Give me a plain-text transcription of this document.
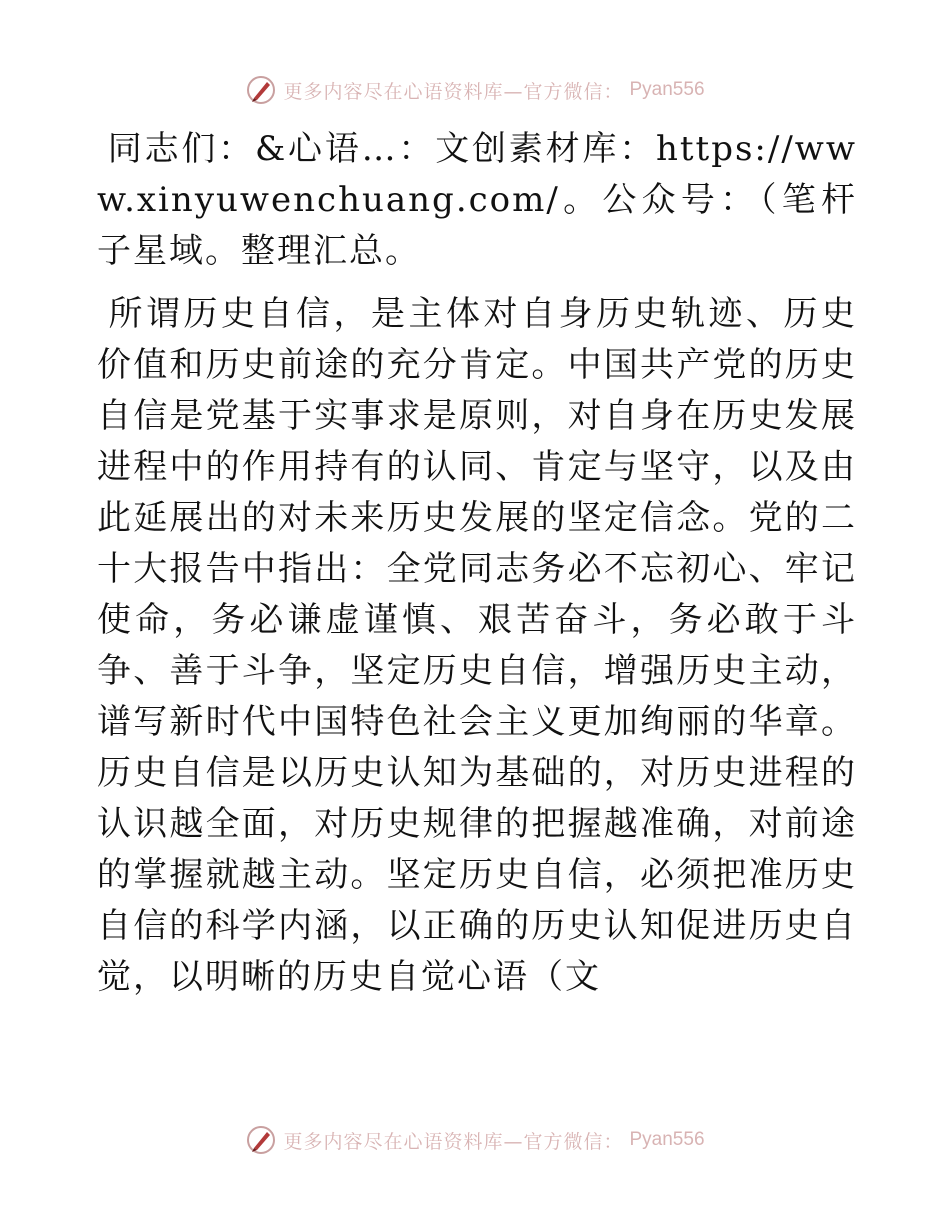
更多内容尽在心语资料库—官方微信： Pyan556

同志们：&心语…：文创素材库：https://www.xinyuwenchuang.com/。公众号：（笔杆子星域。整理汇总。

所谓历史自信，是主体对自身历史轨迹、历史价值和历史前途的充分肯定。中国共产党的历史自信是党基于实事求是原则，对自身在历史发展进程中的作用持有的认同、肯定与坚守，以及由此延展出的对未来历史发展的坚定信念。党的二十大报告中指出：全党同志务必不忘初心、牢记使命，务必谦虚谨慎、艰苦奋斗，务必敢于斗争、善于斗争，坚定历史自信，增强历史主动，谱写新时代中国特色社会主义更加绚丽的华章。历史自信是以历史认知为基础的，对历史进程的认识越全面，对历史规律的把握越准确，对前途的掌握就越主动。坚定历史自信，必须把准历史自信的科学内涵，以正确的历史认知促进历史自觉，以明晰的历史自觉心语（文

更多内容尽在心语资料库—官方微信： Pyan556
